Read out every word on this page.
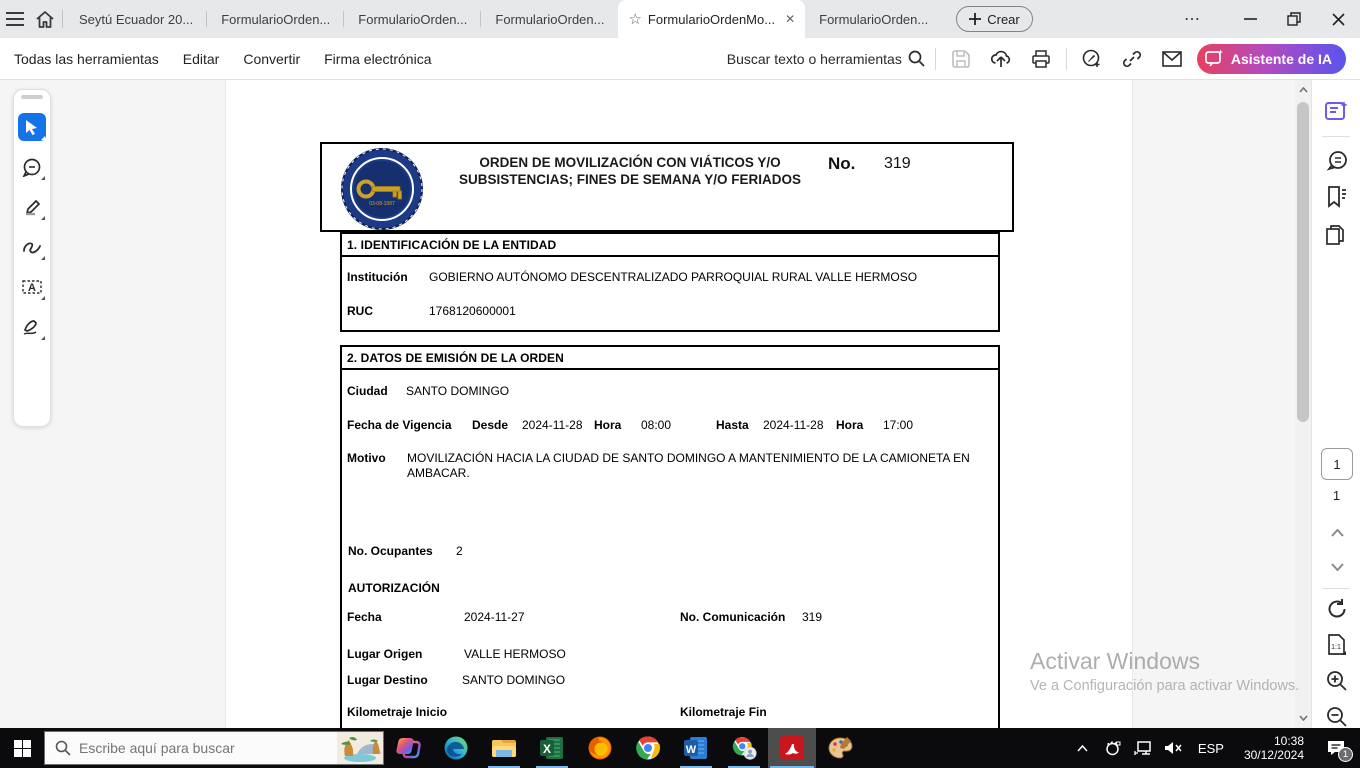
Seytú Ecuador 20... FormularioOrden... FormularioOrden... FormularioOrden... ☆ FormularioOrdenMo... ✕ FormularioOrden...	Crear	⋯
Todas las herramientas Editar Convertir Firma electrónica	Buscar texto o herramientas	Asistente de IA
A
03-08-1987
ORDEN DE MOVILIZACIÓN CON VIÁTICOS Y/O SUBSISTENCIAS; FINES DE SEMANA Y/O FERIADOS
No. 319
1. IDENTIFICACIÓN DE LA ENTIDAD
Institución GOBIERNO AUTÓNOMO DESCENTRALIZADO PARROQUIAL RURAL VALLE HERMOSO
RUC	1768120600001
2. DATOS DE EMISIÓN DE LA ORDEN
Ciudad SANTO DOMINGO
Fecha de Vigencia Desde 2024-11-28 Hora 08:00	Hasta 2024-11-28 Hora 17:00
Motivo MOVILIZACIÓN HACIA LA CIUDAD DE SANTO DOMINGO A MANTENIMIENTO DE LA CAMIONETA EN AMBACAR.
No. Ocupantes 2
AUTORIZACIÓN
Fecha	2024-11-27	No. Comunicación 319
Lugar Origen	VALLE HERMOSO
Lugar Destino	SANTO DOMINGO
Kilometraje Inicio	Kilometraje Fin
Activar Windows
Ve a Configuración para activar Windows.
1
1
1:1
Escribe aquí para buscar
X	W	ESP	10:38
30/12/2024	1
